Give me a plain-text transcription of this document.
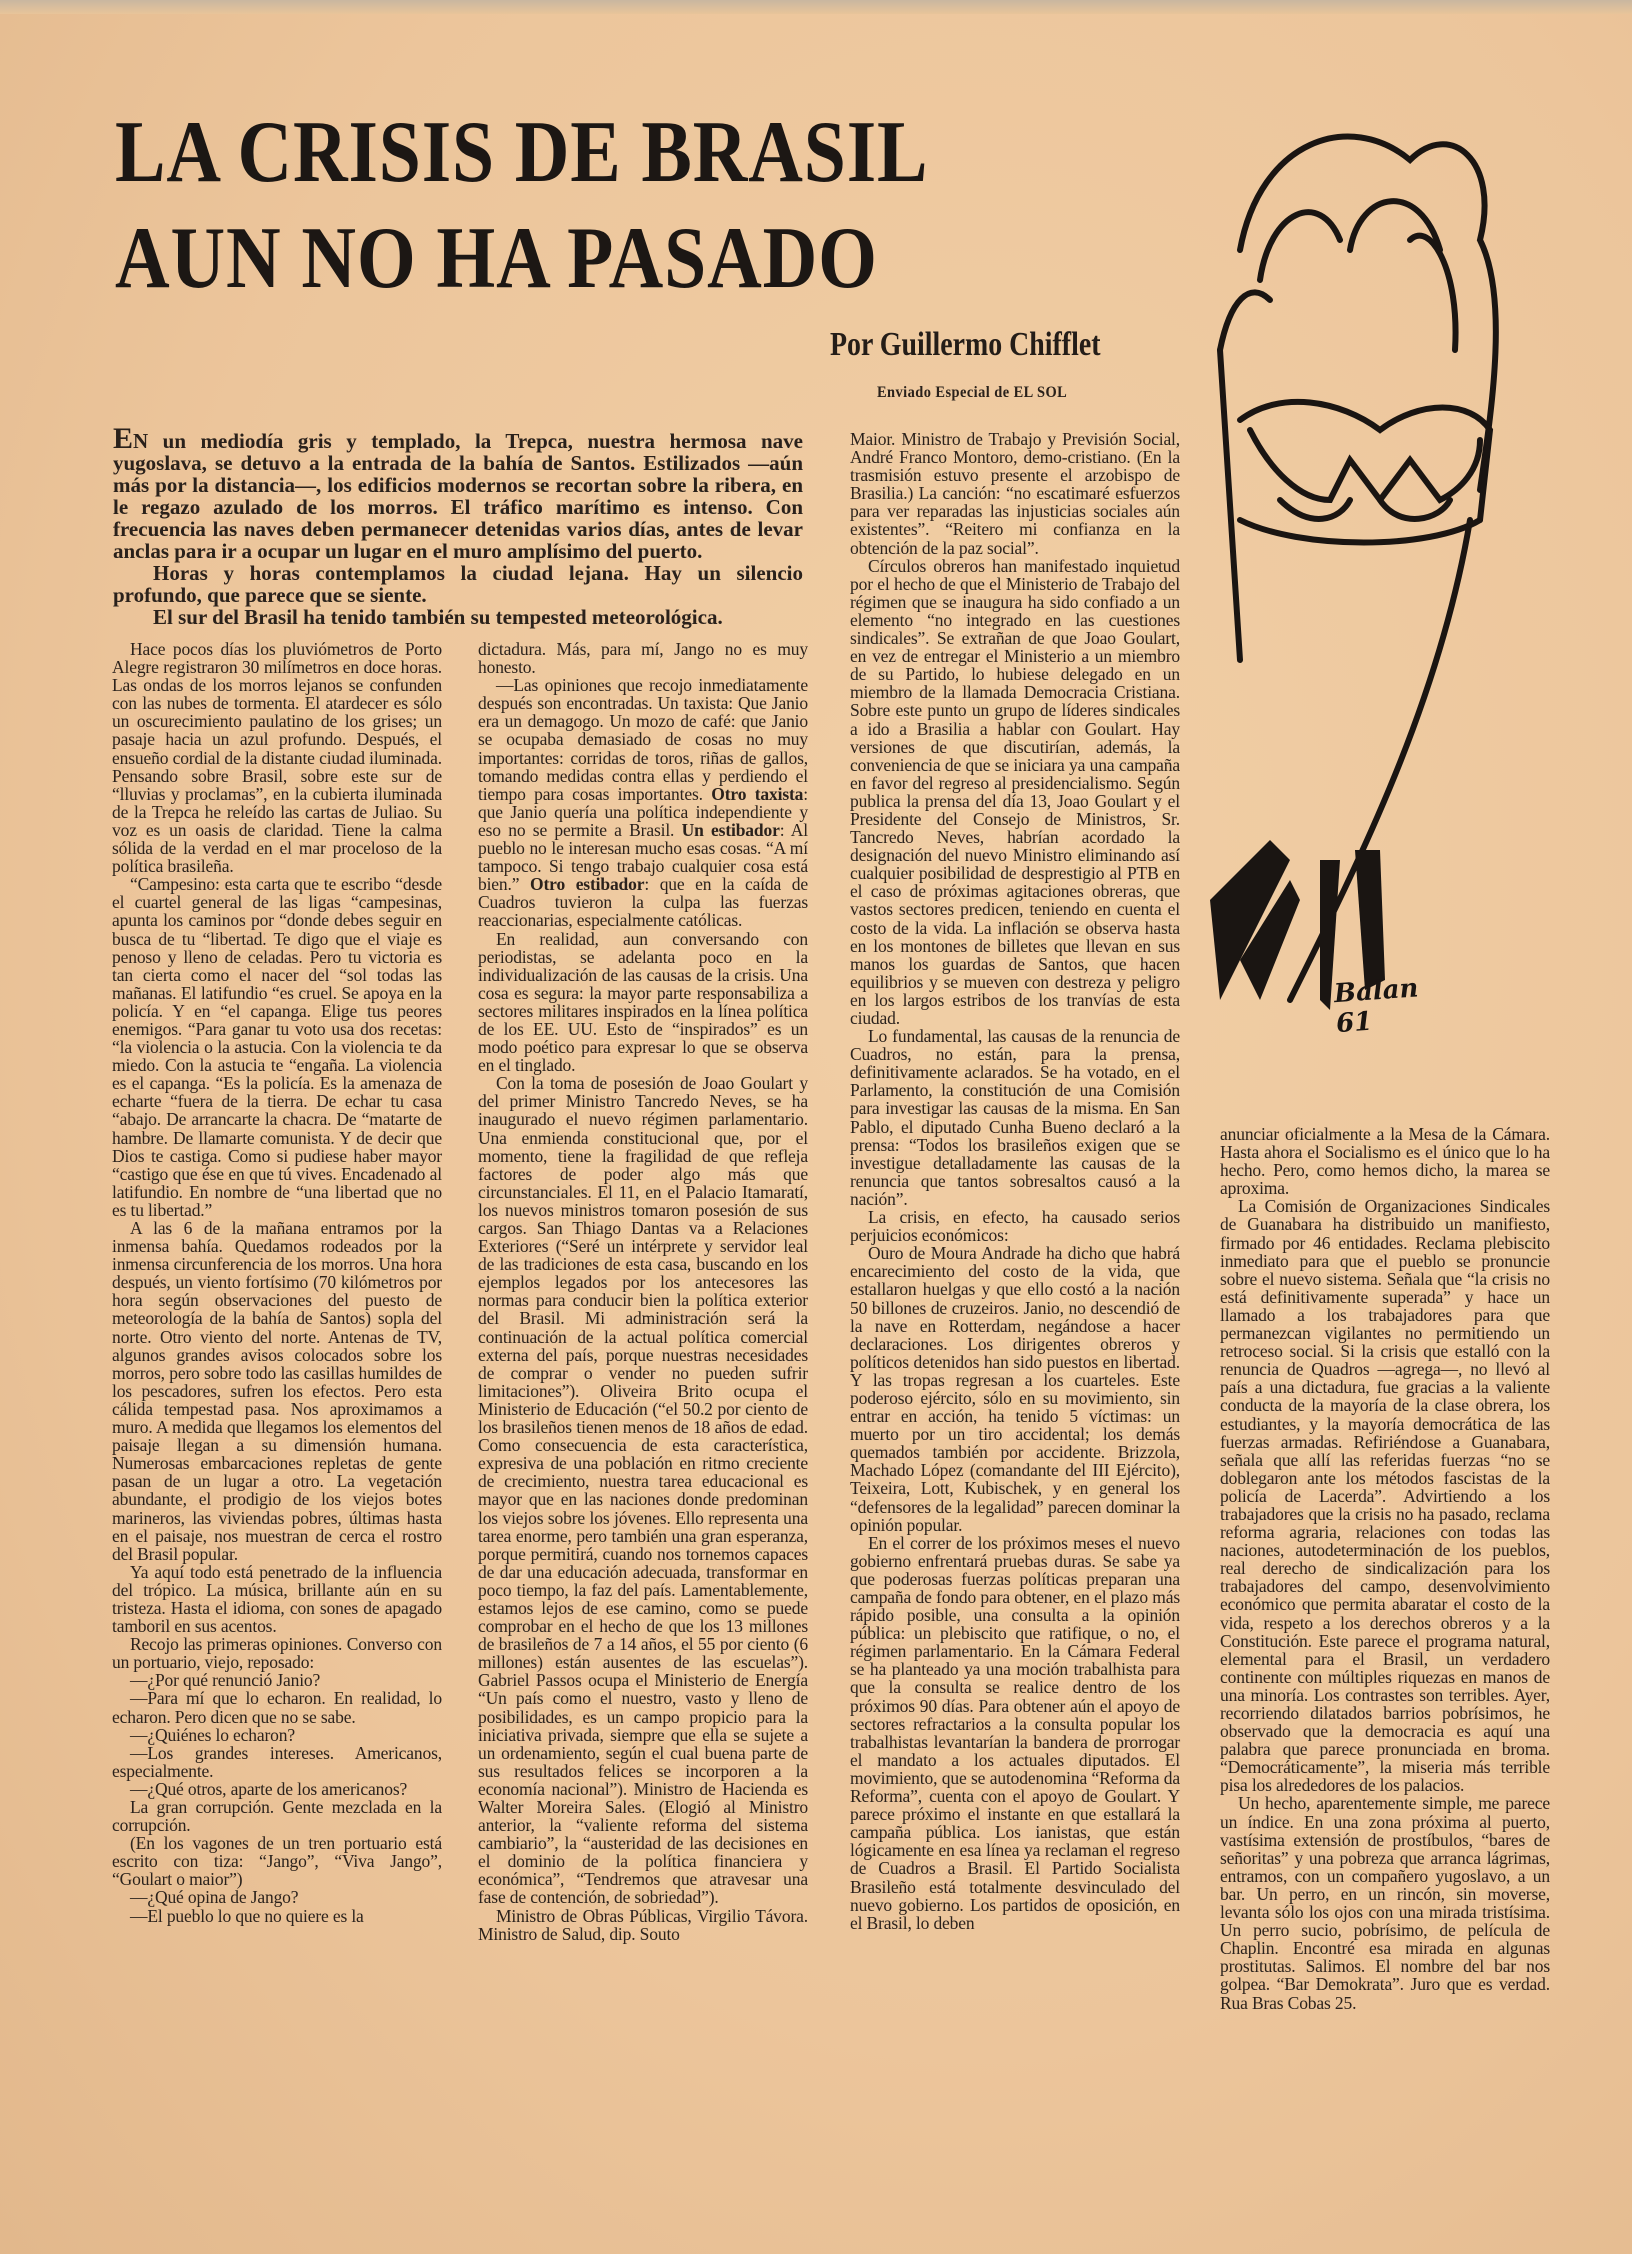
LA CRISIS DE BRASIL
AUN NO HA PASADO
Por Guillermo Chifflet
Enviado Especial de EL SOL

EN un mediodía gris y templado, la Trepca, nuestra hermosa nave yugoslava, se detuvo a la entrada de la bahía de Santos. Estilizados —aún más por la distancia—, los edificios modernos se recortan sobre la ribera, en le regazo azulado de los morros. El tráfico marítimo es intenso. Con frecuencia las naves deben permanecer detenidas varios días, antes de levar anclas para ir a ocupar un lugar en el muro amplísimo del puerto.

Horas y horas contemplamos la ciudad lejana. Hay un silencio profundo, que parece que se siente.

El sur del Brasil ha tenido también su tempested meteorológica.

Hace pocos días los pluviómetros de Porto Alegre registraron 30 milímetros en doce horas. Las ondas de los morros lejanos se confunden con las nubes de tormenta. El atardecer es sólo un oscurecimiento paulatino de los grises; un pasaje hacia un azul profundo. Después, el ensueño cordial de la distante ciudad iluminada. Pensando sobre Brasil, sobre este sur de “lluvias y proclamas”, en la cubierta iluminada de la Trepca he releído las cartas de Juliao. Su voz es un oasis de claridad. Tiene la calma sólida de la verdad en el mar proceloso de la política brasileña.

“Campesino: esta carta que te escribo “desde el cuartel general de las ligas “campesinas, apunta los caminos por “donde debes seguir en busca de tu “libertad. Te digo que el viaje es penoso y lleno de celadas. Pero tu victoria es tan cierta como el nacer del “sol todas las mañanas. El latifundio “es cruel. Se apoya en la policía. Y en “el capanga. Elige tus peores enemigos. “Para ganar tu voto usa dos recetas: “la violencia o la astucia. Con la violencia te da miedo. Con la astucia te “engaña. La violencia es el capanga. “Es la policía. Es la amenaza de echarte “fuera de la tierra. De echar tu casa “abajo. De arrancarte la chacra. De “matarte de hambre. De llamarte comunista. Y de decir que Dios te castiga. Como si pudiese haber mayor “castigo que ése en que tú vives. Encadenado al latifundio. En nombre de “una libertad que no es tu libertad.”

A las 6 de la mañana entramos por la inmensa bahía. Quedamos rodeados por la inmensa circunferencia de los morros. Una hora después, un viento fortísimo (70 kilómetros por hora según observaciones del puesto de meteorología de la bahía de Santos) sopla del norte. Otro viento del norte. Antenas de TV, algunos grandes avisos colocados sobre los morros, pero sobre todo las casillas humildes de los pescadores, sufren los efectos. Pero esta cálida tempestad pasa. Nos aproximamos a muro. A medida que llegamos los elementos del paisaje llegan a su dimensión humana. Numerosas embarcaciones repletas de gente pasan de un lugar a otro. La vegetación abundante, el prodigio de los viejos botes marineros, las viviendas pobres, últimas hasta en el paisaje, nos muestran de cerca el rostro del Brasil popular.

Ya aquí todo está penetrado de la influencia del trópico. La música, brillante aún en su tristeza. Hasta el idioma, con sones de apagado tamboril en sus acentos.

Recojo las primeras opiniones. Converso con un portuario, viejo, reposado:

—¿Por qué renunció Janio?

—Para mí que lo echaron. En realidad, lo echaron. Pero dicen que no se sabe.

—¿Quiénes lo echaron?

—Los grandes intereses. Americanos, especialmente.

—¿Qué otros, aparte de los americanos?

La gran corrupción. Gente mezclada en la corrupción.

(En los vagones de un tren portuario está escrito con tiza: “Jango”, “Viva Jango”, “Goulart o maior”)

—¿Qué opina de Jango?

—El pueblo lo que no quiere es la

dictadura. Más, para mí, Jango no es muy honesto.

—Las opiniones que recojo inmediatamente después son encontradas. Un taxista: Que Janio era un demagogo. Un mozo de café: que Janio se ocupaba demasiado de cosas no muy importantes: corridas de toros, riñas de gallos, tomando medidas contra ellas y perdiendo el tiempo para cosas importantes. Otro taxista: que Janio quería una política independiente y eso no se permite a Brasil. Un estibador: Al pueblo no le interesan mucho esas cosas. “A mí tampoco. Si tengo trabajo cualquier cosa está bien.” Otro estibador: que en la caída de Cuadros tuvieron la culpa las fuerzas reaccionarias, especialmente católicas.

En realidad, aun conversando con periodistas, se adelanta poco en la individualización de las causas de la crisis. Una cosa es segura: la mayor parte responsabiliza a sectores militares inspirados en la línea política de los EE. UU. Esto de “inspirados” es un modo poético para expresar lo que se observa en el tinglado.

Con la toma de posesión de Joao Goulart y del primer Ministro Tancredo Neves, se ha inaugurado el nuevo régimen parlamentario. Una enmienda constitucional que, por el momento, tiene la fragilidad de que refleja factores de poder algo más que circunstanciales. El 11, en el Palacio Itamaratí, los nuevos ministros tomaron posesión de sus cargos. San Thiago Dantas va a Relaciones Exteriores (“Seré un intérprete y servidor leal de las tradiciones de esta casa, buscando en los ejemplos legados por los antecesores las normas para conducir bien la política exterior del Brasil. Mi administración será la continuación de la actual política comercial externa del país, porque nuestras necesidades de comprar o vender no pueden sufrir limitaciones”). Oliveira Brito ocupa el Ministerio de Educación (“el 50.2 por ciento de los brasileños tienen menos de 18 años de edad. Como consecuencia de esta característica, expresiva de una población en ritmo creciente de crecimiento, nuestra tarea educacional es mayor que en las naciones donde predominan los viejos sobre los jóvenes. Ello representa una tarea enorme, pero también una gran esperanza, porque permitirá, cuando nos tornemos capaces de dar una educación adecuada, transformar en poco tiempo, la faz del país. Lamentablemente, estamos lejos de ese camino, como se puede comprobar en el hecho de que los 13 millones de brasileños de 7 a 14 años, el 55 por ciento (6 millones) están ausentes de las escuelas”). Gabriel Passos ocupa el Ministerio de Energía “Un país como el nuestro, vasto y lleno de posibilidades, es un campo propicio para la iniciativa privada, siempre que ella se sujete a un ordenamiento, según el cual buena parte de sus resultados felices se incorporen a la economía nacional”). Ministro de Hacienda es Walter Moreira Sales. (Elogió al Ministro anterior, la “valiente reforma del sistema cambiario”, la “austeridad de las decisiones en el dominio de la política financiera y económica”, “Tendremos que atravesar una fase de contención, de sobriedad”).

Ministro de Obras Públicas, Virgilio Távora. Ministro de Salud, dip. Souto

Maior. Ministro de Trabajo y Previsión Social, André Franco Montoro, demo-cristiano. (En la trasmisión estuvo presente el arzobispo de Brasilia.) La canción: “no escatimaré esfuerzos para ver reparadas las injusticias sociales aún existentes”. “Reitero mi confianza en la obtención de la paz social”.

Círculos obreros han manifestado inquietud por el hecho de que el Ministerio de Trabajo del régimen que se inaugura ha sido confiado a un elemento “no integrado en las cuestiones sindicales”. Se extrañan de que Joao Goulart, en vez de entregar el Ministerio a un miembro de su Partido, lo hubiese delegado en un miembro de la llamada Democracia Cristiana. Sobre este punto un grupo de líderes sindicales a ido a Brasilia a hablar con Goulart. Hay versiones de que discutirían, además, la conveniencia de que se iniciara ya una campaña en favor del regreso al presidencialismo. Según publica la prensa del día 13, Joao Goulart y el Presidente del Consejo de Ministros, Sr. Tancredo Neves, habrían acordado la designación del nuevo Ministro eliminando así cualquier posibilidad de desprestigio al PTB en el caso de próximas agitaciones obreras, que vastos sectores predicen, teniendo en cuenta el costo de la vida. La inflación se observa hasta en los montones de billetes que llevan en sus manos los guardas de Santos, que hacen equilibrios y se mueven con destreza y peligro en los largos estribos de los tranvías de esta ciudad.

Lo fundamental, las causas de la renuncia de Cuadros, no están, para la prensa, definitivamente aclarados. Se ha votado, en el Parlamento, la constitución de una Comisión para investigar las causas de la misma. En San Pablo, el diputado Cunha Bueno declaró a la prensa: “Todos los brasileños exigen que se investigue detalladamente las causas de la renuncia que tantos sobresaltos causó a la nación”.

La crisis, en efecto, ha causado serios perjuicios económicos:

Ouro de Moura Andrade ha dicho que habrá encarecimiento del costo de la vida, que estallaron huelgas y que ello costó a la nación 50 billones de cruzeiros. Janio, no descendió de la nave en Rotterdam, negándose a hacer declaraciones. Los dirigentes obreros y políticos detenidos han sido puestos en libertad. Y las tropas regresan a los cuarteles. Este poderoso ejército, sólo en su movimiento, sin entrar en acción, ha tenido 5 víctimas: un muerto por un tiro accidental; los demás quemados también por accidente. Brizzola, Machado López (comandante del III Ejército), Teixeira, Lott, Kubischek, y en general los “defensores de la legalidad” parecen dominar la opinión popular.

En el correr de los próximos meses el nuevo gobierno enfrentará pruebas duras. Se sabe ya que poderosas fuerzas políticas preparan una campaña de fondo para obtener, en el plazo más rápido posible, una consulta a la opinión pública: un plebiscito que ratifique, o no, el régimen parlamentario. En la Cámara Federal se ha planteado ya una moción trabalhista para que la consulta se realice dentro de los próximos 90 días. Para obtener aún el apoyo de sectores refractarios a la consulta popular los trabalhistas levantarían la bandera de prorrogar el mandato a los actuales diputados. El movimiento, que se autodenomina “Reforma da Reforma”, cuenta con el apoyo de Goulart. Y parece próximo el instante en que estallará la campaña pública. Los ianistas, que están lógicamente en esa línea ya reclaman el regreso de Cuadros a Brasil. El Partido Socialista Brasileño está totalmente desvinculado del nuevo gobierno. Los partidos de oposición, en el Brasil, lo deben

anunciar oficialmente a la Mesa de la Cámara. Hasta ahora el Socialismo es el único que lo ha hecho. Pero, como hemos dicho, la marea se aproxima.

La Comisión de Organizaciones Sindicales de Guanabara ha distribuido un manifiesto, firmado por 46 entidades. Reclama plebiscito inmediato para que el pueblo se pronuncie sobre el nuevo sistema. Señala que “la crisis no está definitivamente superada” y hace un llamado a los trabajadores para que permanezcan vigilantes no permitiendo un retroceso social. Si la crisis que estalló con la renuncia de Quadros —agrega—, no llevó al país a una dictadura, fue gracias a la valiente conducta de la mayoría de la clase obrera, los estudiantes, y la mayoría democrática de las fuerzas armadas. Refiriéndose a Guanabara, señala que allí las referidas fuerzas “no se doblegaron ante los métodos fascistas de la policía de Lacerda”. Advirtiendo a los trabajadores que la crisis no ha pasado, reclama reforma agraria, relaciones con todas las naciones, autodeterminación de los pueblos, real derecho de sindicalización para los trabajadores del campo, desenvolvimiento económico que permita abaratar el costo de la vida, respeto a los derechos obreros y a la Constitución. Este parece el programa natural, elemental para el Brasil, un verdadero continente con múltiples riquezas en manos de una minoría. Los contrastes son terribles. Ayer, recorriendo dilatados barrios pobrísimos, he observado que la democracia es aquí una palabra que parece pronunciada en broma. “Democráticamente”, la miseria más terrible pisa los alrededores de los palacios.

Un hecho, aparentemente simple, me parece un índice. En una zona próxima al puerto, vastísima extensión de prostíbulos, “bares de señoritas” y una pobreza que arranca lágrimas, entramos, con un compañero yugoslavo, a un bar. Un perro, en un rincón, sin moverse, levanta sólo los ojos con una mirada tristísima. Un perro sucio, pobrísimo, de película de Chaplin. Encontré esa mirada en algunas prostitutas. Salimos. El nombre del bar nos golpea. “Bar Demokrata”. Juro que es verdad. Rua Bras Cobas 25.

Balan 61
